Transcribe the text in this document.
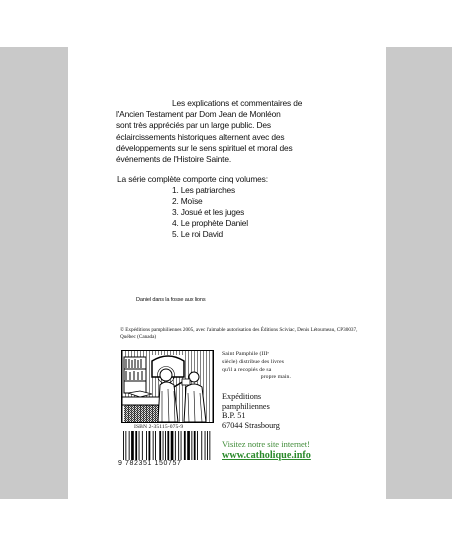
Les explications et commentaires de
l'Ancien Testament par Dom Jean de Monléon
sont très appréciés par un large public. Des
éclaircissements historiques alternent avec des
développements sur le sens spirituel et moral des
événements de l'Histoire Sainte.
La série complète comporte cinq volumes:
1. Les patriarches
2. Moïse
3. Josué et les juges
4. Le prophète Daniel
5. Le roi David
Daniel dans la fosse aux lions
© Expéditions pamphiliennes 2005, avec l'aimable autorisation des Éditions Sciviac, Denis Létourneau, CP30037, Québec (Canada)
ISBN 2-35115-075-9
9 782351 150757
Saint Pamphile (IIIᵉ
siècle) distribue des livres
qu'il a recopiés de sa
propre main.
Expéditions
pamphiliennes
B.P. 51
67044 Strasbourg
Visitez notre site internet!
www.catholique.info
